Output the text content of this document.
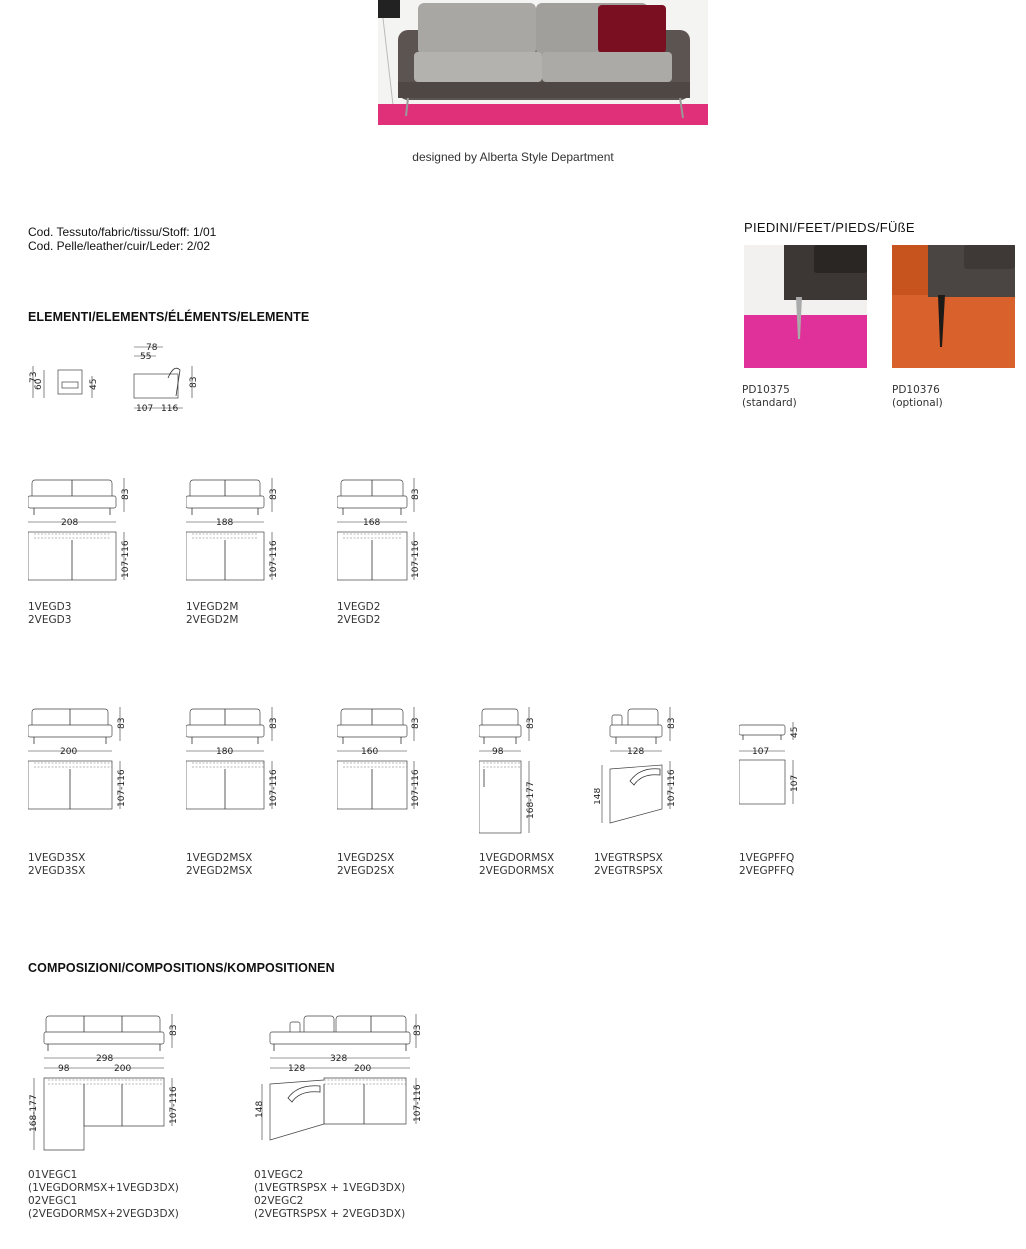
designed by Alberta Style Department
Cod. Tessuto/fabric/tissu/Stoff: 1/01
Cod. Pelle/leather/cuir/Leder: 2/02
ELEMENTI/ELEMENTS/ÉLÉMENTS/ELEMENTE
PIEDINI/FEET/PIEDS/FÜßE
PD10375
(standard)
PD10376
(optional)
73
60	45
78
55
83
107 116
83
208
107-116
1VEGD3
2VEGD3
83
188
107-116
1VEGD2M
2VEGD2M
83
168
107-116
1VEGD2
2VEGD2
83
200
107-116
1VEGD3SX
2VEGD3SX
83
180
107-116
1VEGD2MSX
2VEGD2MSX
83
160
107-116
1VEGD2SX
2VEGD2SX
83
98
168-177
1VEGDORMSX
2VEGDORMSX
83
128
148	107-116
1VEGTRSPSX
2VEGTRSPSX
45
107
107
1VEGPFFQ
2VEGPFFQ
COMPOSIZIONI/COMPOSITIONS/KOMPOSITIONEN
83
298
98	200
168-177	107-116
01VEGC1
(1VEGDORMSX+1VEGD3DX)
02VEGC1
(2VEGDORMSX+2VEGD3DX)
83
328
128	200
148	107-116
01VEGC2
(1VEGTRSPSX + 1VEGD3DX)
02VEGC2
(2VEGTRSPSX + 2VEGD3DX)
